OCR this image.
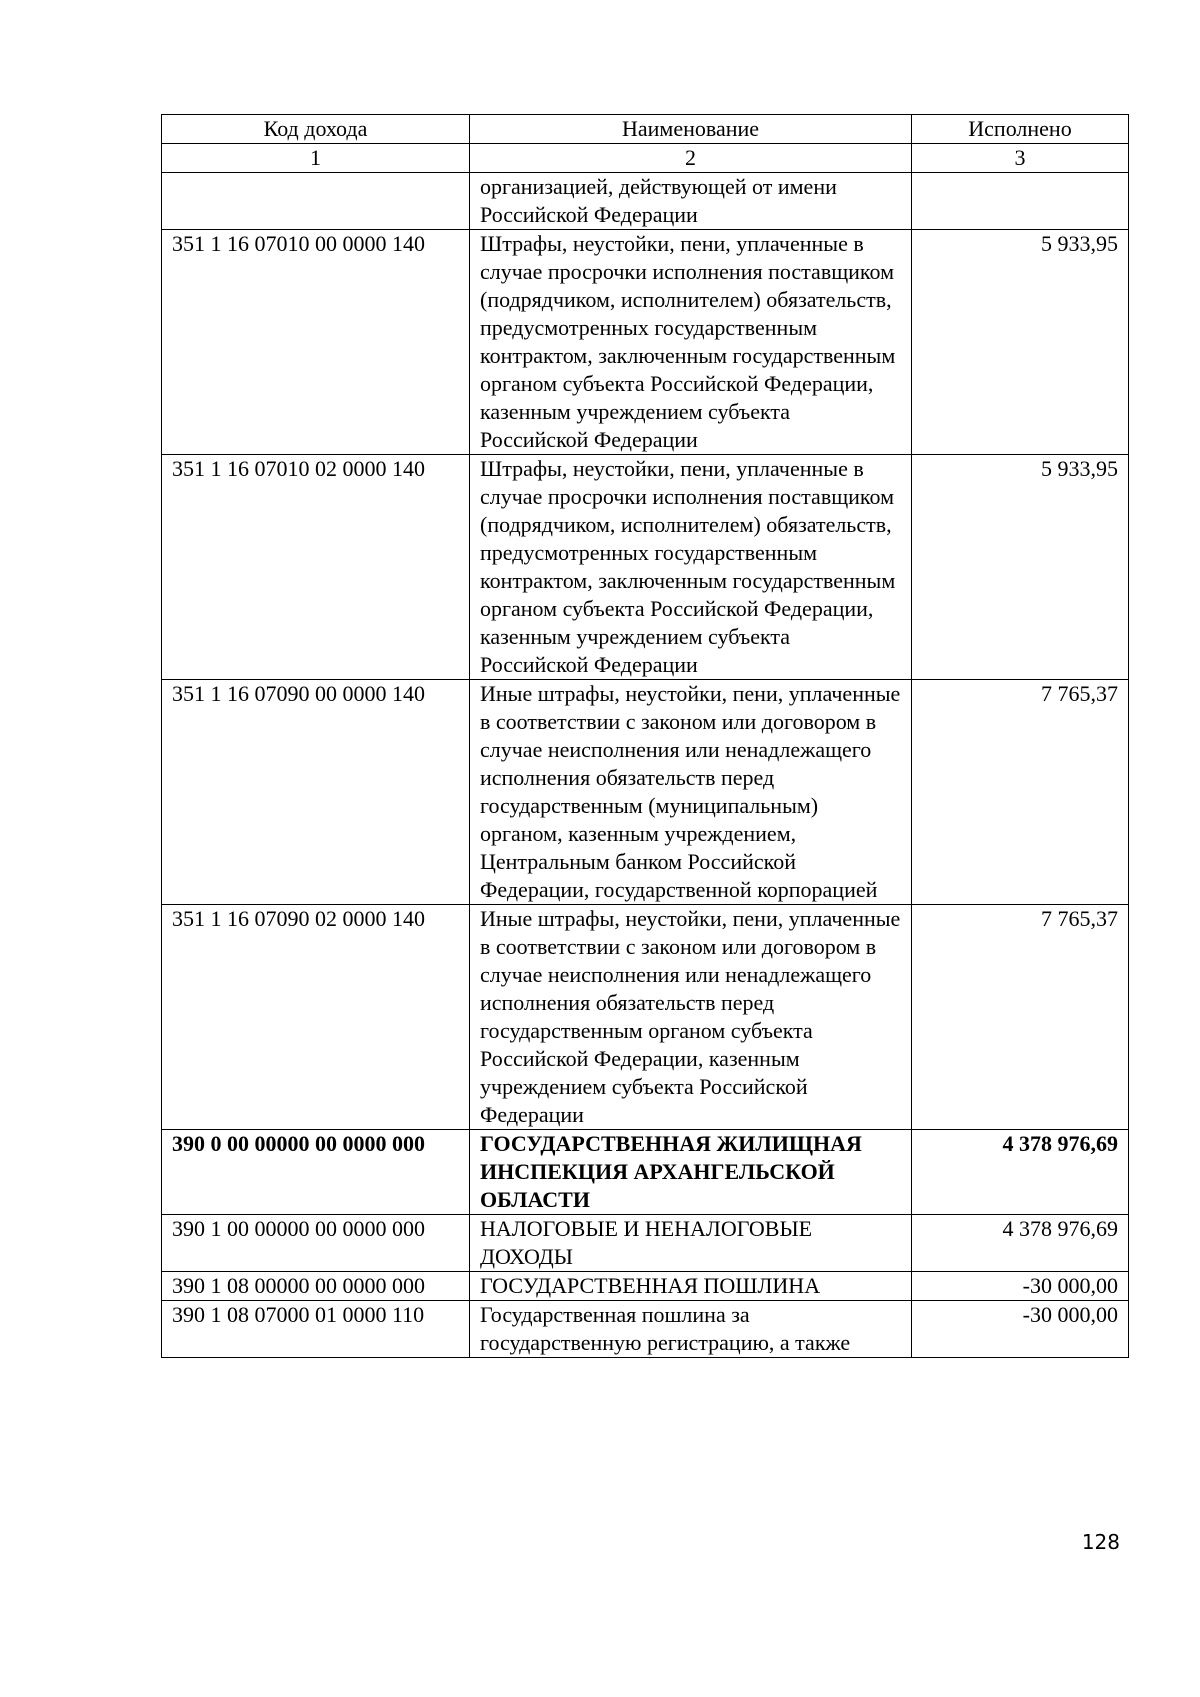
Код дохода	Наименование	Исполнено
1	2	3
	организацией, действующей от имени Российской Федерации	
351 1 16 07010 00 0000 140	Штрафы, неустойки, пени, уплаченные в случае просрочки исполнения поставщиком (подрядчиком, исполнителем) обязательств, предусмотренных государственным контрактом, заключенным государственным органом субъекта Российской Федерации, казенным учреждением субъекта Российской Федерации	5 933,95
351 1 16 07010 02 0000 140	Штрафы, неустойки, пени, уплаченные в случае просрочки исполнения поставщиком (подрядчиком, исполнителем) обязательств, предусмотренных государственным контрактом, заключенным государственным органом субъекта Российской Федерации, казенным учреждением субъекта Российской Федерации	5 933,95
351 1 16 07090 00 0000 140	Иные штрафы, неустойки, пени, уплаченные в соответствии с законом или договором в случае неисполнения или ненадлежащего исполнения обязательств перед государственным (муниципальным) органом, казенным учреждением, Центральным банком Российской Федерации, государственной корпорацией	7 765,37
351 1 16 07090 02 0000 140	Иные штрафы, неустойки, пени, уплаченные в соответствии с законом или договором в случае неисполнения или ненадлежащего исполнения обязательств перед государственным органом субъекта Российской Федерации, казенным учреждением субъекта Российской Федерации	7 765,37
390 0 00 00000 00 0000 000	ГОСУДАРСТВЕННАЯ ЖИЛИЩНАЯ ИНСПЕКЦИЯ АРХАНГЕЛЬСКОЙ ОБЛАСТИ	4 378 976,69
390 1 00 00000 00 0000 000	НАЛОГОВЫЕ И НЕНАЛОГОВЫЕ ДОХОДЫ	4 378 976,69
390 1 08 00000 00 0000 000	ГОСУДАРСТВЕННАЯ ПОШЛИНА	-30 000,00
390 1 08 07000 01 0000 110	Государственная пошлина за государственную регистрацию, а также	-30 000,00
128
